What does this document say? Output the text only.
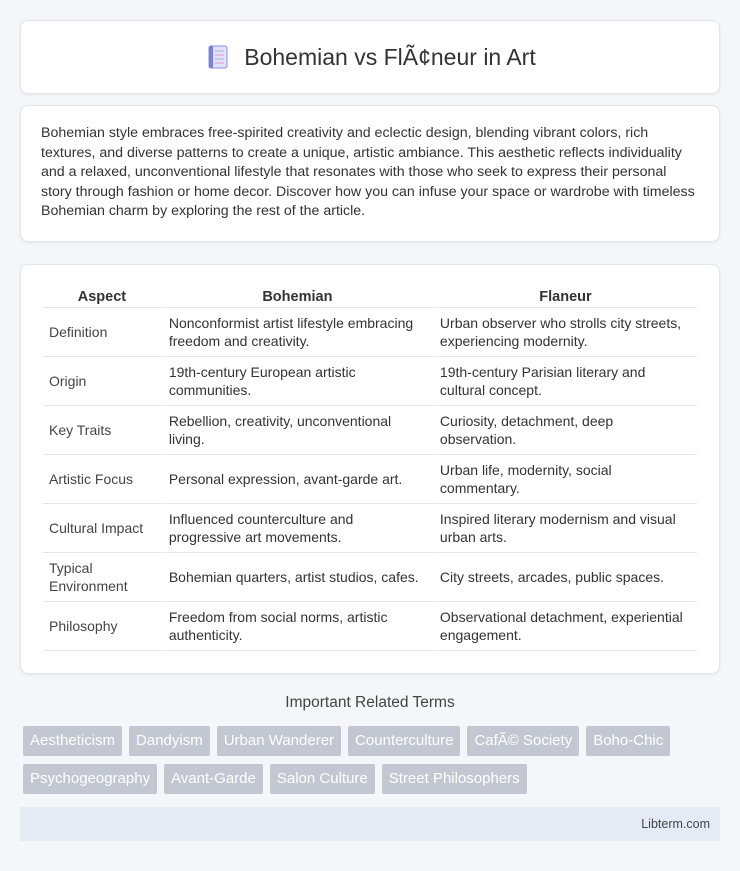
Bohemian vs FlÃ¢neur in Art

Bohemian style embraces free-spirited creativity and eclectic design, blending vibrant colors, rich textures, and diverse patterns to create a unique, artistic ambiance. This aesthetic reflects individuality and a relaxed, unconventional lifestyle that resonates with those who seek to express their personal story through fashion or home decor. Discover how you can infuse your space or wardrobe with timeless Bohemian charm by exploring the rest of the article.

Aspect	Bohemian	Flaneur
Definition	Nonconformist artist lifestyle embracing freedom and creativity.	Urban observer who strolls city streets, experiencing modernity.
Origin	19th-century European artistic communities.	19th-century Parisian literary and cultural concept.
Key Traits	Rebellion, creativity, unconventional living.	Curiosity, detachment, deep observation.
Artistic Focus	Personal expression, avant-garde art.	Urban life, modernity, social commentary.
Cultural Impact	Influenced counterculture and progressive art movements.	Inspired literary modernism and visual urban arts.
Typical Environment	Bohemian quarters, artist studios, cafes.	City streets, arcades, public spaces.
Philosophy	Freedom from social norms, artistic authenticity.	Observational detachment, experiential engagement.
Important Related Terms
Aestheticism	Dandyism	Urban Wanderer	Counterculture	CafÃ© Society	Boho-Chic
Psychogeography	Avant-Garde	Salon Culture	Street Philosophers
Libterm.com
